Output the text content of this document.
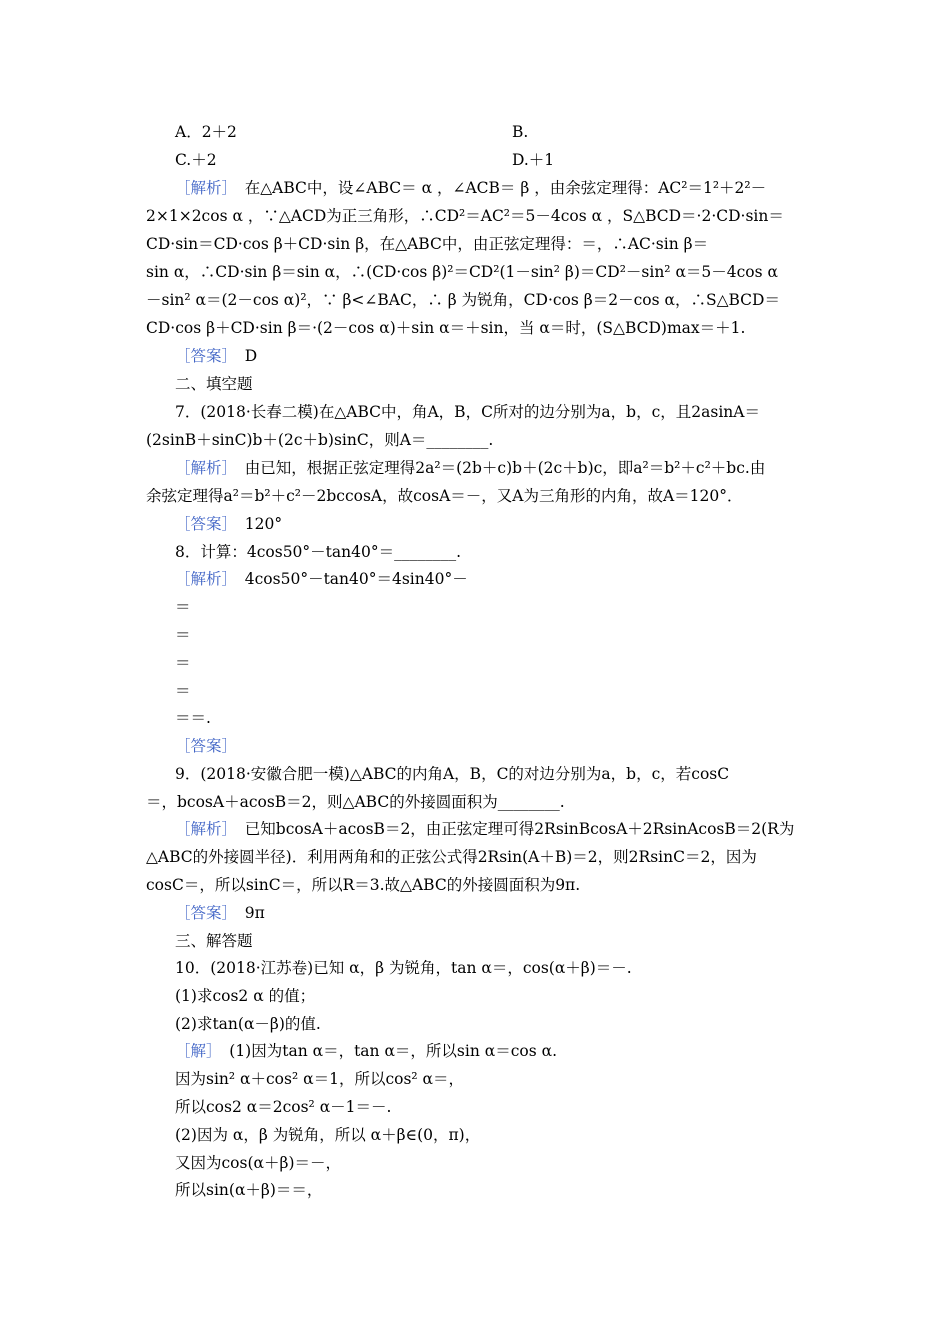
A．2＋2	B.
C.＋2	D.＋1
［解析］　在△ABC中，设∠ABC＝ α ，∠ACB＝ β ，由余弦定理得：AC²＝1²＋2²－
2×1×2cos α ，∵△ACD为正三角形，∴CD²＝AC²＝5－4cos α ，S△BCD＝·2·CD·sin＝
CD·sin＝CD·cos β＋CD·sin β，在△ABC中，由正弦定理得：＝，∴AC·sin β＝
sin α，∴CD·sin β＝sin α，∴(CD·cos β)²＝CD²(1－sin² β)＝CD²－sin² α＝5－4cos α
－sin² α＝(2－cos α)²，∵ β<∠BAC，∴ β 为锐角，CD·cos β＝2－cos α，∴S△BCD＝
CD·cos β＋CD·sin β＝·(2－cos α)＋sin α＝＋sin，当 α＝时，(S△BCD)max＝＋1.
［答案］　D
二、填空题
7．(2018·长春二模)在△ABC中，角A，B，C所对的边分别为a，b，c，且2asinA＝
(2sinB＋sinC)b＋(2c＋b)sinC，则A＝________.
［解析］　由已知，根据正弦定理得2a²＝(2b＋c)b＋(2c＋b)c，即a²＝b²＋c²＋bc.由
余弦定理得a²＝b²＋c²－2bccosA，故cosA＝－，又A为三角形的内角，故A＝120°．
［答案］　120°
8．计算：4cos50°－tan40°＝________.
［解析］　4cos50°－tan40°＝4sin40°－
＝
＝
＝
＝
＝＝.
［答案］
9．(2018·安徽合肥一模)△ABC的内角A，B，C的对边分别为a，b，c，若cosC
＝，bcosA＋acosB＝2，则△ABC的外接圆面积为________.
［解析］　已知bcosA＋acosB＝2，由正弦定理可得2RsinBcosA＋2RsinAcosB＝2(R为
△ABC的外接圆半径)．利用两角和的正弦公式得2Rsin(A＋B)＝2，则2RsinC＝2，因为
cosC＝，所以sinC＝，所以R＝3.故△ABC的外接圆面积为9π.
［答案］　9π
三、解答题
10．(2018·江苏卷)已知 α，β 为锐角，tan α＝，cos(α＋β)＝－.
(1)求cos2 α 的值；
(2)求tan(α－β)的值.
［解］　(1)因为tan α＝，tan α＝，所以sin α＝cos α.
因为sin² α＋cos² α＝1，所以cos² α＝，
所以cos2 α＝2cos² α－1＝－.
(2)因为 α，β 为锐角，所以 α＋β∈(0，π)，
又因为cos(α＋β)＝－，
所以sin(α＋β)＝＝，
